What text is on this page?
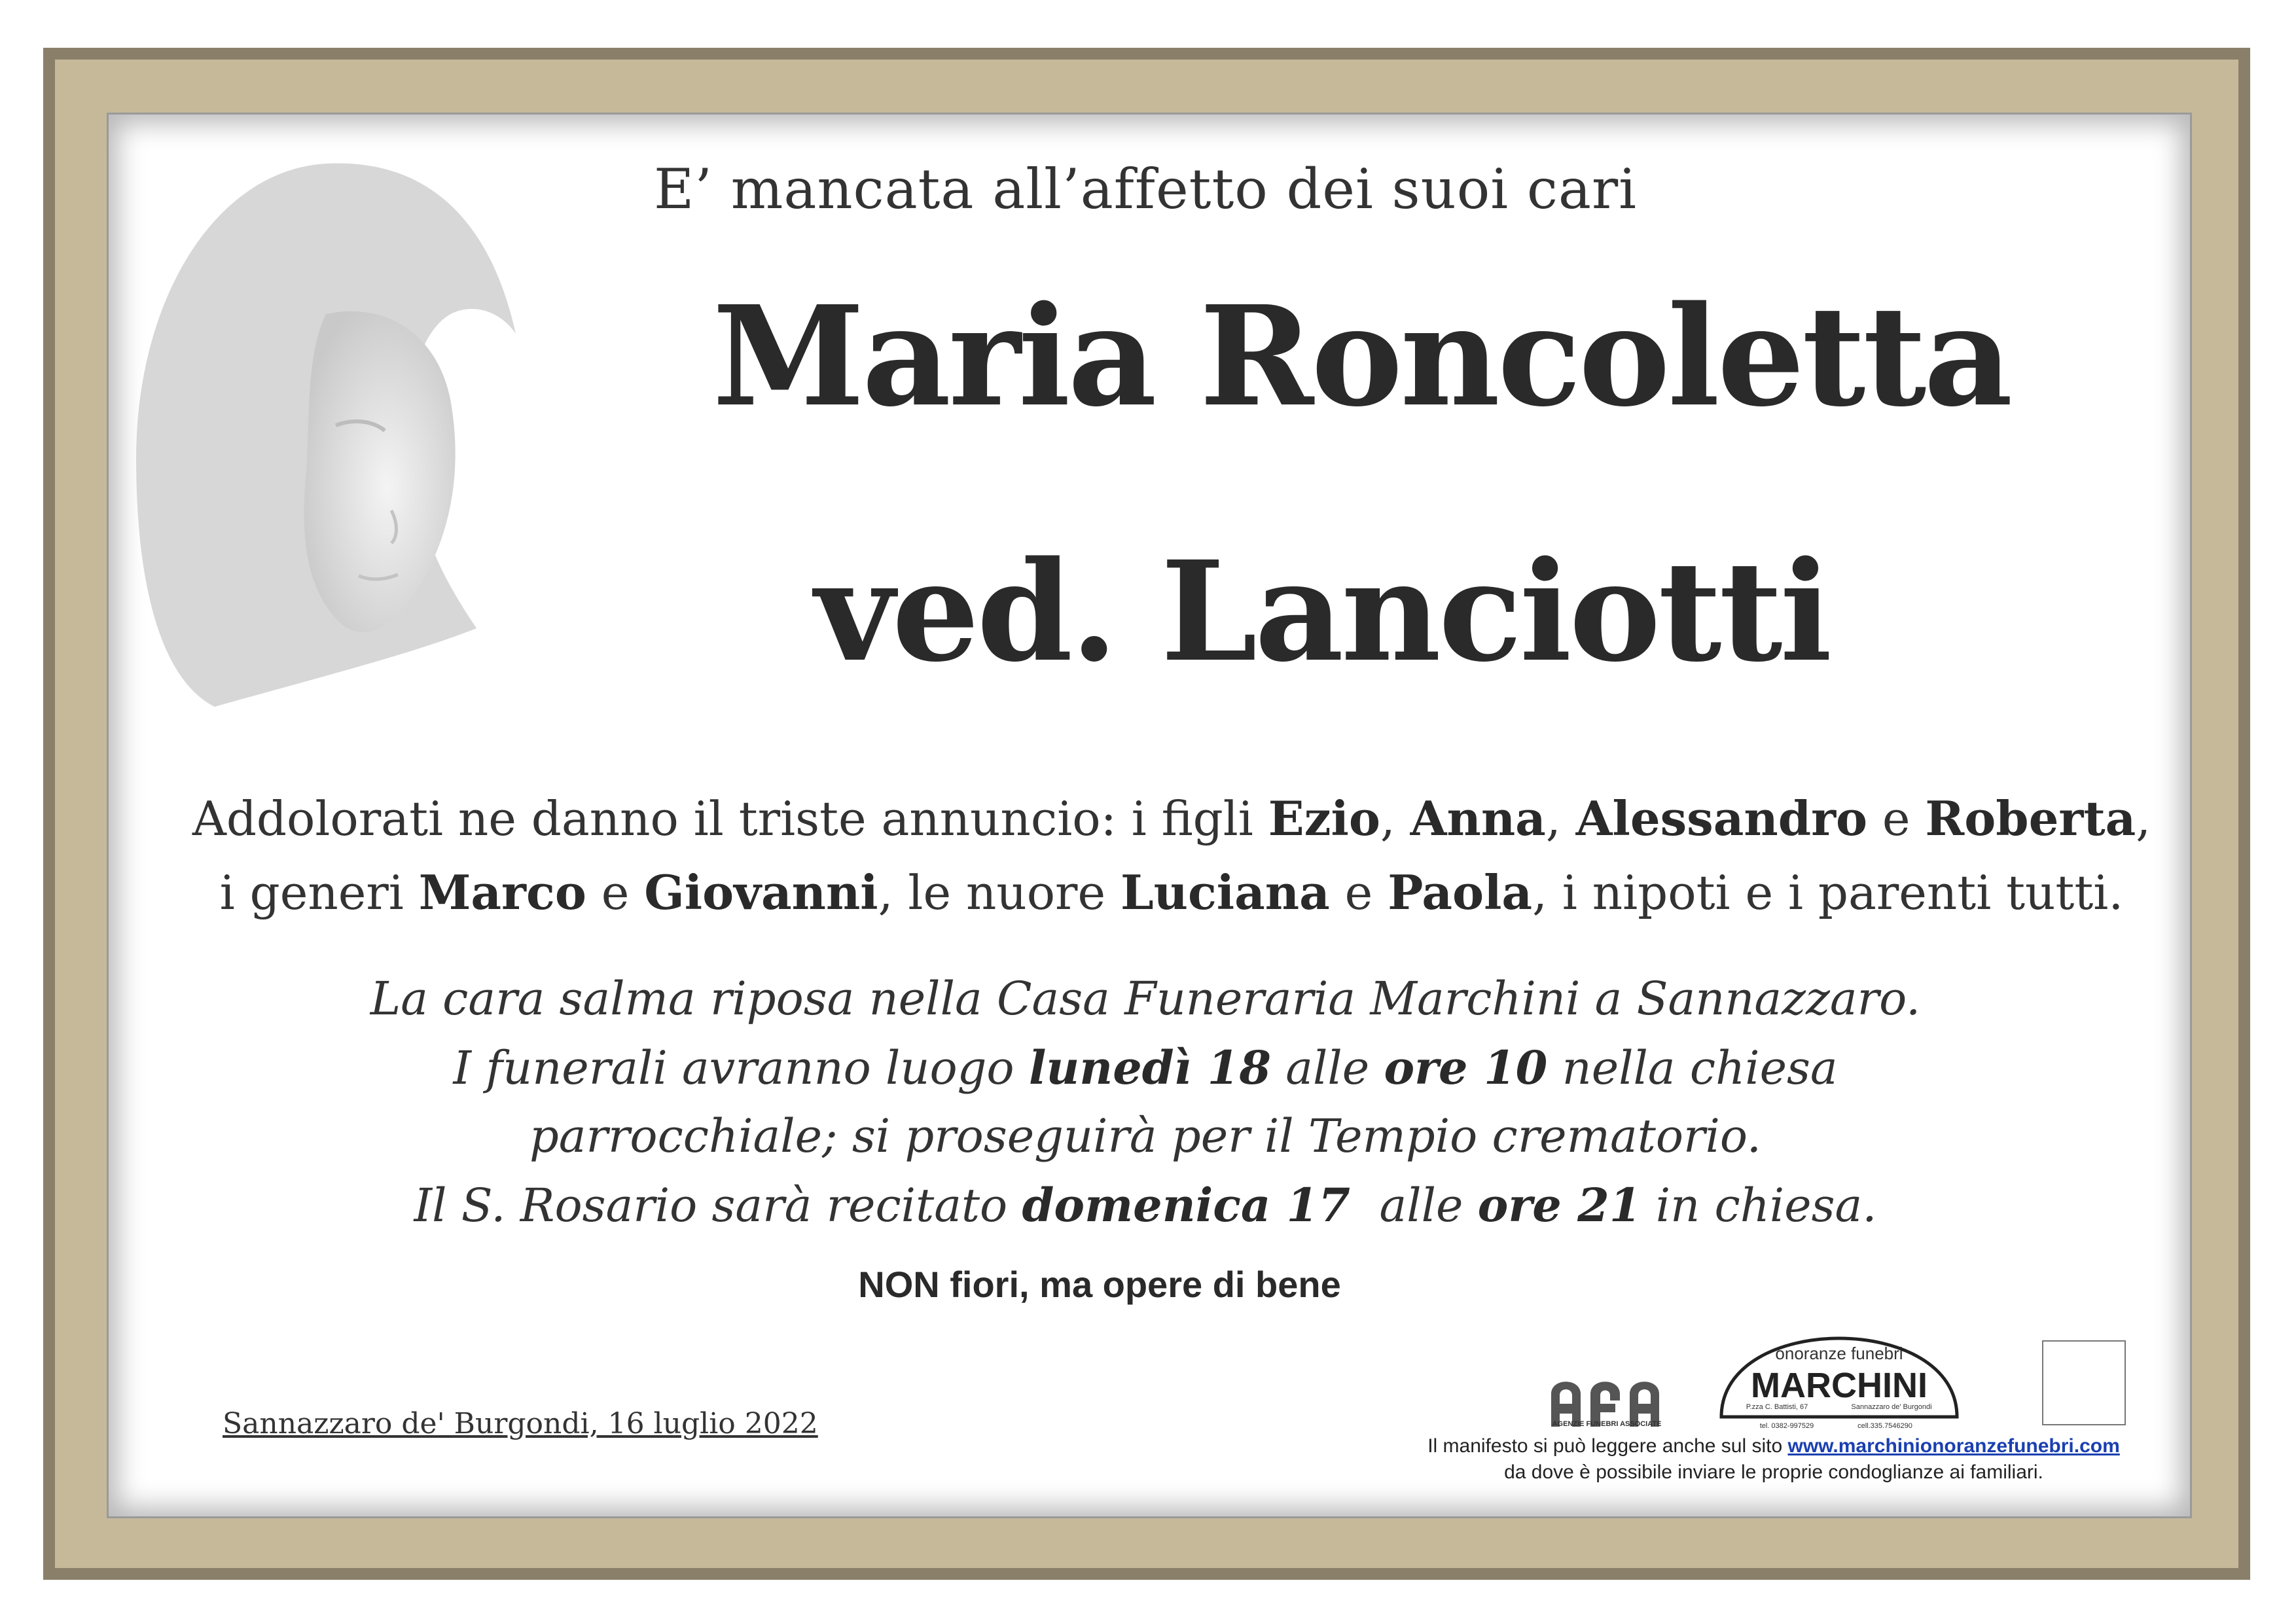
E’ mancata all’affetto dei suoi cari
Maria Roncoletta
ved. Lanciotti
Addolorati ne danno il triste annuncio: i figli Ezio, Anna, Alessandro e Roberta,
i generi Marco e Giovanni, le nuore Luciana e Paola, i nipoti e i parenti tutti.
La cara salma riposa nella Casa Funeraria Marchini a Sannazzaro.
I funerali avranno luogo lunedì 18 alle ore 10 nella chiesa
parrocchiale; si proseguirà per il Tempio crematorio.
Il S. Rosario sarà recitato domenica 17  alle ore 21 in chiesa.
NON fiori, ma opere di bene
Sannazzaro de' Burgondi, 16 luglio 2022	AGENZIE FUNEBRI ASSOCIATE
onoranze funebri
MARCHINI
P.zza C. Battisti, 67	Sannazzaro de' Burgondi
tel. 0382-997529	cell.335.7546290
Il manifesto si può leggere anche sul sito www.marchinionoranzefunebri.com
da dove è possibile inviare le proprie condoglianze ai familiari.
